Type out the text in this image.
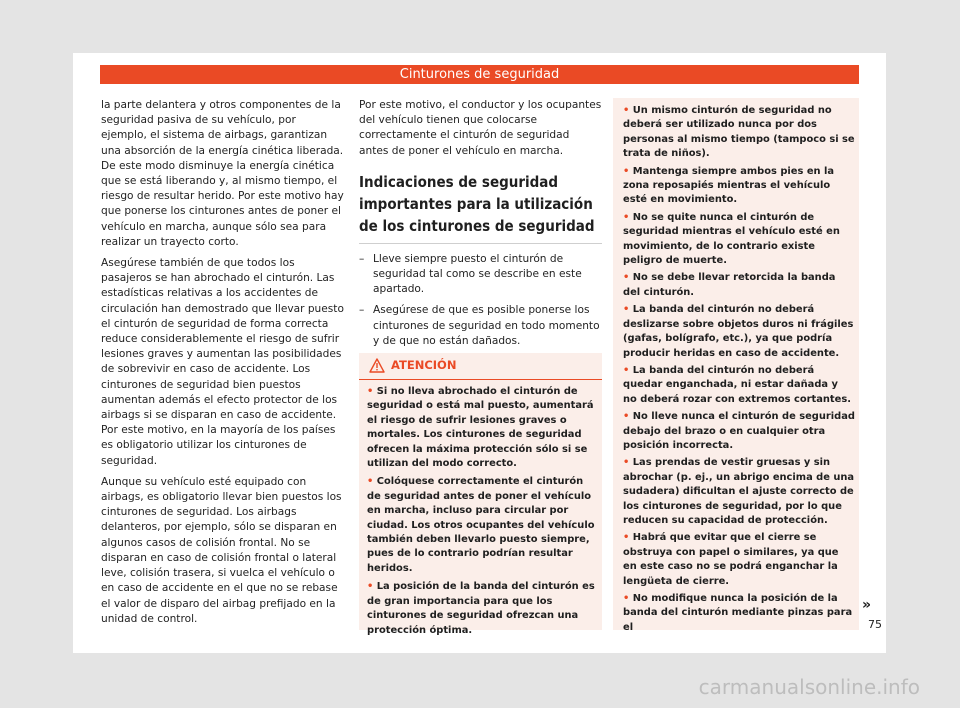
Cinturones de seguridad

la parte delantera y otros componentes de la seguridad pasiva de su vehículo, por ejemplo, el sistema de airbags, garantizan una absorción de la energía cinética liberada. De este modo disminuye la energía cinética que se está liberando y, al mismo tiempo, el riesgo de resultar herido. Por este motivo hay que ponerse los cinturones antes de poner el vehículo en marcha, aunque sólo sea para realizar un trayecto corto.

Asegúrese también de que todos los pasajeros se han abrochado el cinturón. Las estadísticas relativas a los accidentes de circulación han demostrado que llevar puesto el cinturón de seguridad de forma correcta reduce considerablemente el riesgo de sufrir lesiones graves y aumentan las posibilidades de sobrevivir en caso de accidente. Los cinturones de seguridad bien puestos aumentan además el efecto protector de los airbags si se disparan en caso de accidente. Por este motivo, en la mayoría de los países es obligatorio utilizar los cinturones de seguridad.

Aunque su vehículo esté equipado con airbags, es obligatorio llevar bien puestos los cinturones de seguridad. Los airbags delanteros, por ejemplo, sólo se disparan en algunos casos de colisión frontal. No se disparan en caso de colisión frontal o lateral leve, colisión trasera, si vuelca el vehículo o en caso de accidente en el que no se rebase el valor de disparo del airbag prefijado en la unidad de control.

Por este motivo, el conductor y los ocupantes del vehículo tienen que colocarse correctamente el cinturón de seguridad antes de poner el vehículo en marcha.

Indicaciones de seguridad importantes para la utilización de los cinturones de seguridad

– Lleve siempre puesto el cinturón de seguridad tal como se describe en este apartado.

– Asegúrese de que es posible ponerse los cinturones de seguridad en todo momento y de que no están dañados.

ATENCIÓN

• Si no lleva abrochado el cinturón de seguridad o está mal puesto, aumentará el riesgo de sufrir lesiones graves o mortales. Los cinturones de seguridad ofrecen la máxima protección sólo si se utilizan del modo correcto.

• Colóquese correctamente el cinturón de seguridad antes de poner el vehículo en marcha, incluso para circular por ciudad. Los otros ocupantes del vehículo también deben llevarlo puesto siempre, pues de lo contrario podrían resultar heridos.

• La posición de la banda del cinturón es de gran importancia para que los cinturones de seguridad ofrezcan una protección óptima.

• Un mismo cinturón de seguridad no deberá ser utilizado nunca por dos personas al mismo tiempo (tampoco si se trata de niños).

• Mantenga siempre ambos pies en la zona reposapiés mientras el vehículo esté en movimiento.

• No se quite nunca el cinturón de seguridad mientras el vehículo esté en movimiento, de lo contrario existe peligro de muerte.

• No se debe llevar retorcida la banda del cinturón.

• La banda del cinturón no deberá deslizarse sobre objetos duros ni frágiles (gafas, bolígrafo, etc.), ya que podría producir heridas en caso de accidente.

• La banda del cinturón no deberá quedar enganchada, ni estar dañada y no deberá rozar con extremos cortantes.

• No lleve nunca el cinturón de seguridad debajo del brazo o en cualquier otra posición incorrecta.

• Las prendas de vestir gruesas y sin abrochar (p. ej., un abrigo encima de una sudadera) dificultan el ajuste correcto de los cinturones de seguridad, por lo que reducen su capacidad de protección.

• Habrá que evitar que el cierre se obstruya con papel o similares, ya que en este caso no se podrá enganchar la lengüeta de cierre.

• No modifique nunca la posición de la banda del cinturón mediante pinzas para el

»
75
carmanualsonline.info
